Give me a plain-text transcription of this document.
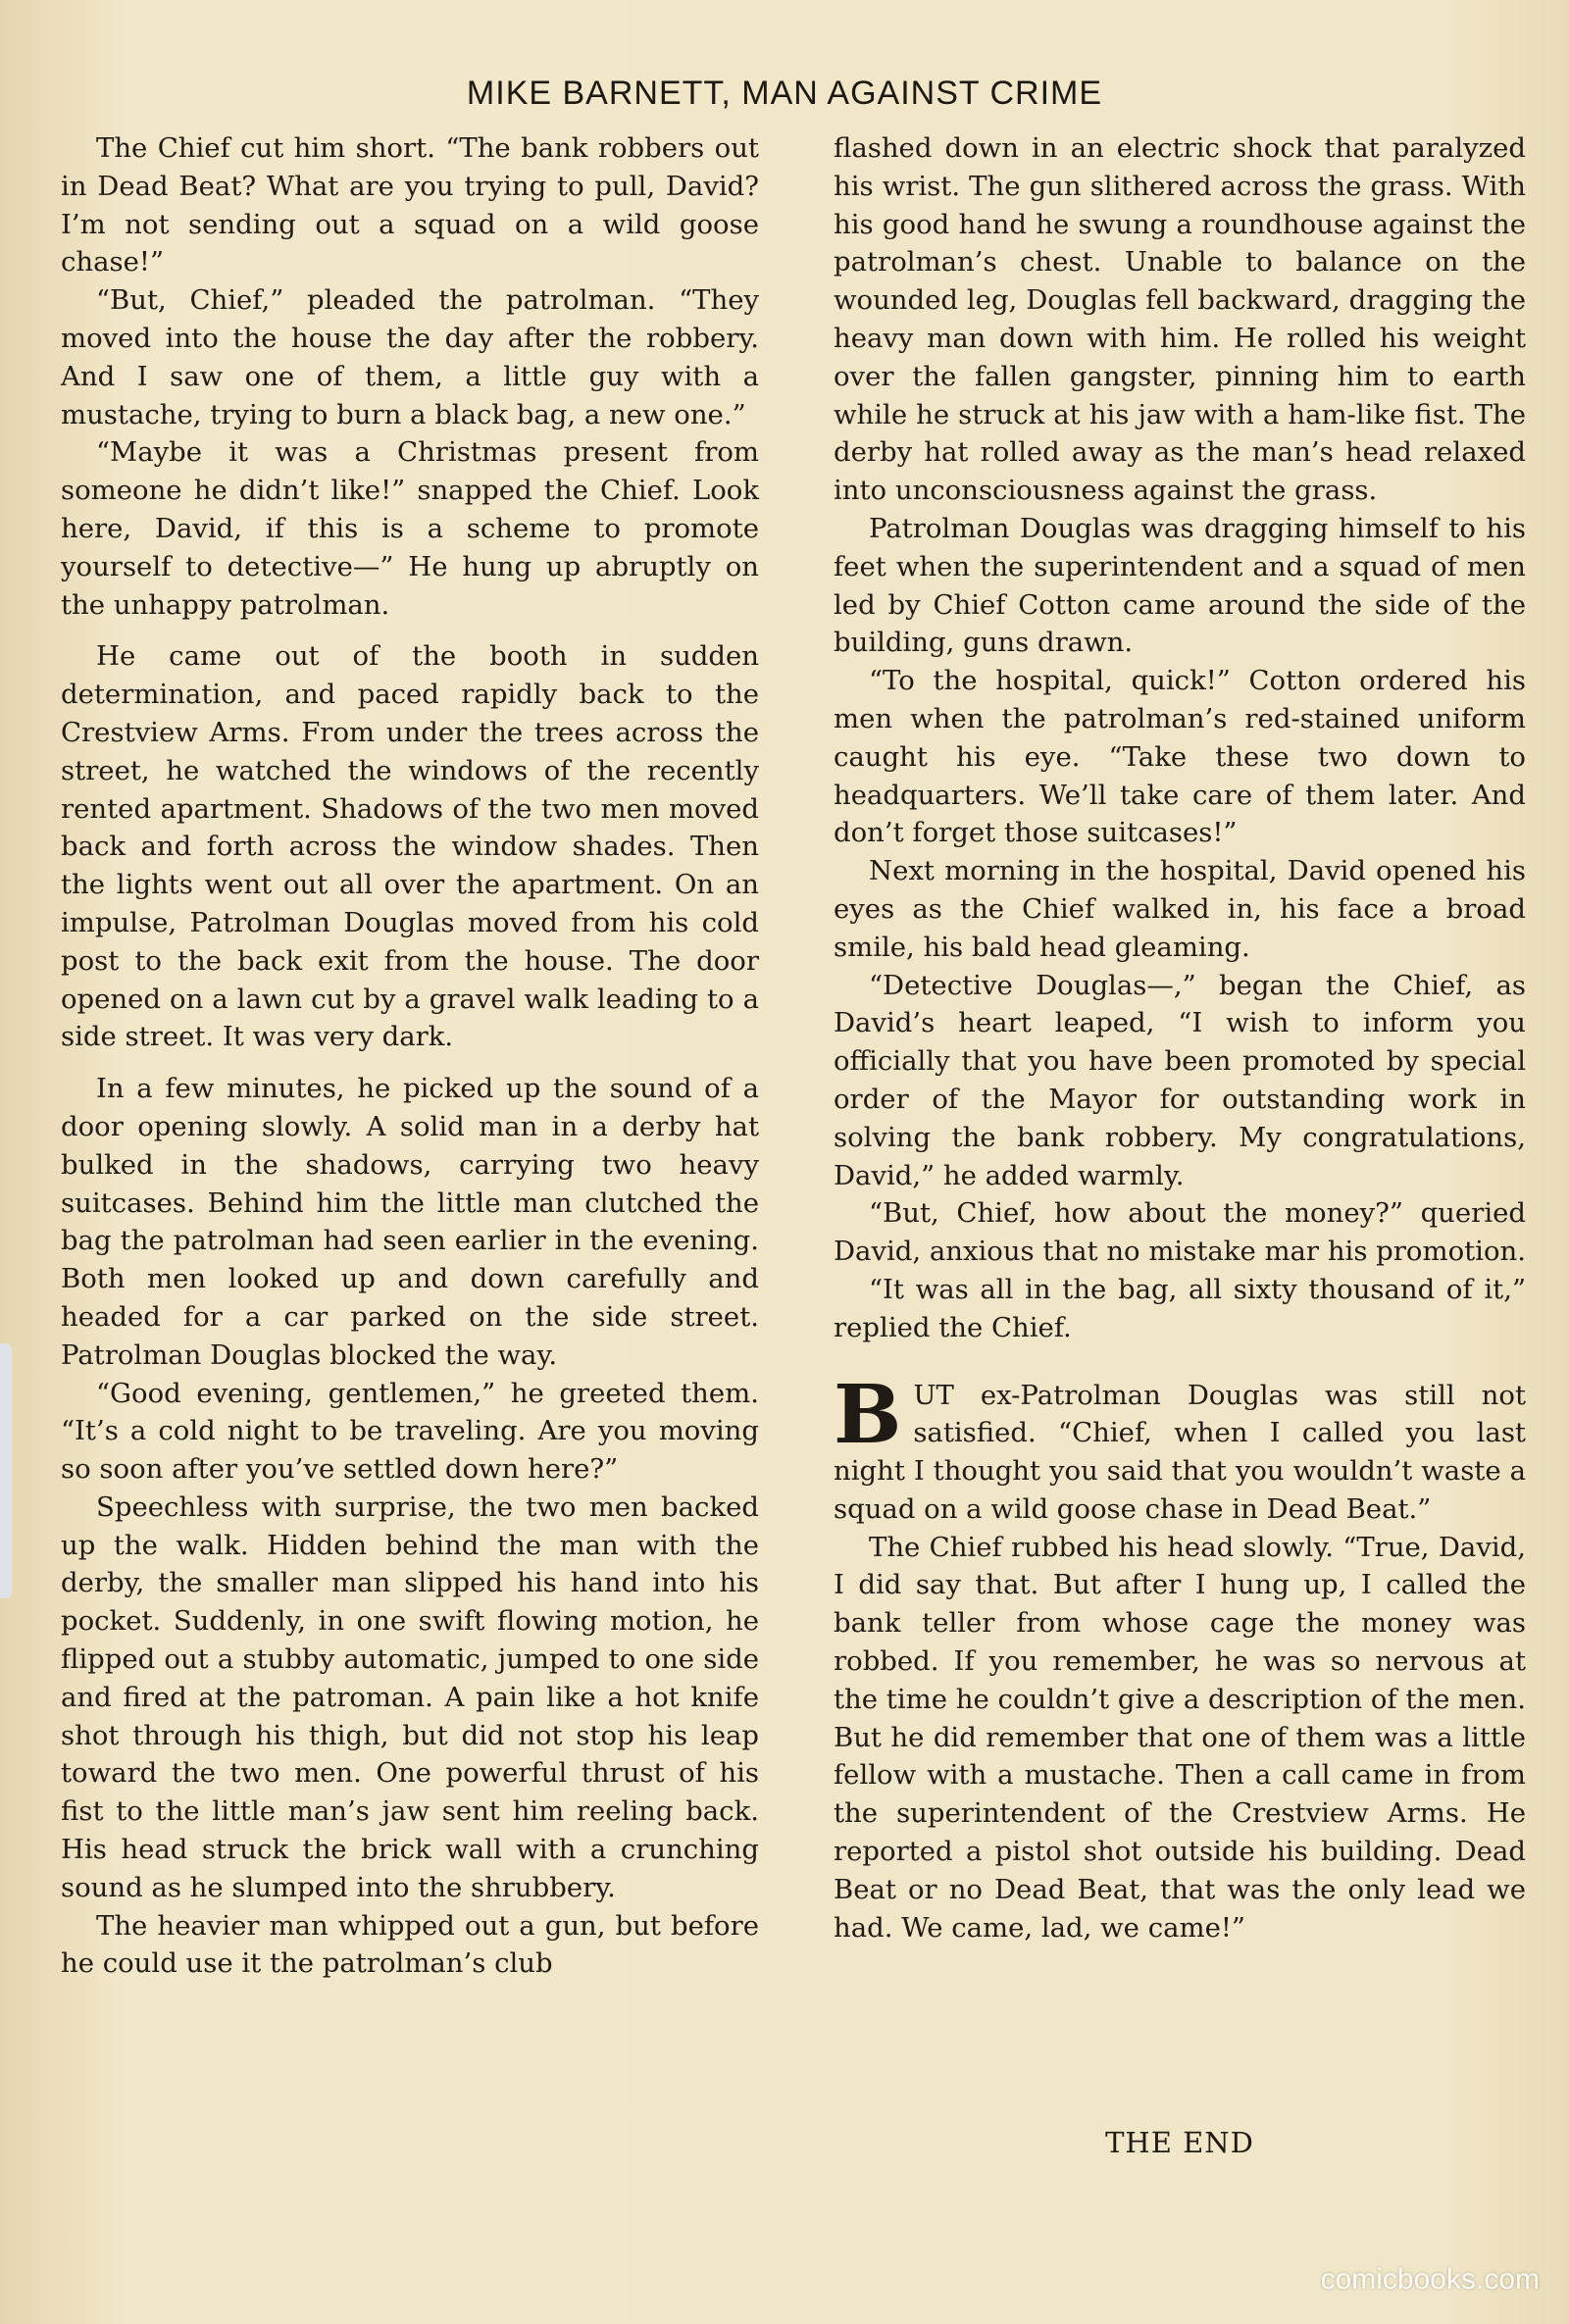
MIKE BARNETT, MAN AGAINST CRIME

The Chief cut him short. “The bank robbers out in Dead Beat? What are you trying to pull, David? I’m not sending out a squad on a wild goose chase!”

“But, Chief,” pleaded the patrolman. “They moved into the house the day after the robbery. And I saw one of them, a little guy with a mustache, trying to burn a black bag, a new one.”

“Maybe it was a Christmas present from someone he didn’t like!” snapped the Chief. Look here, David, if this is a scheme to promote yourself to detective—” He hung up abruptly on the unhappy patrolman.

He came out of the booth in sudden determination, and paced rapidly back to the Crestview Arms. From under the trees across the street, he watched the windows of the recently rented apartment. Shadows of the two men moved back and forth across the window shades. Then the lights went out all over the apartment. On an impulse, Patrolman Douglas moved from his cold post to the back exit from the house. The door opened on a lawn cut by a gravel walk leading to a side street. It was very dark.

In a few minutes, he picked up the sound of a door opening slowly. A solid man in a derby hat bulked in the shadows, carrying two heavy suitcases. Behind him the little man clutched the bag the patrolman had seen earlier in the evening. Both men looked up and down carefully and headed for a car parked on the side street. Patrolman Douglas blocked the way.

“Good evening, gentlemen,” he greeted them. “It’s a cold night to be traveling. Are you moving so soon after you’ve settled down here?”

Speechless with surprise, the two men backed up the walk. Hidden behind the man with the derby, the smaller man slipped his hand into his pocket. Suddenly, in one swift flowing motion, he flipped out a stubby automatic, jumped to one side and fired at the patroman. A pain like a hot knife shot through his thigh, but did not stop his leap toward the two men. One powerful thrust of his fist to the little man’s jaw sent him reeling back. His head struck the brick wall with a crunching sound as he slumped into the shrubbery.

The heavier man whipped out a gun, but before he could use it the patrolman’s club

flashed down in an electric shock that paralyzed his wrist. The gun slithered across the grass. With his good hand he swung a roundhouse against the patrolman’s chest. Unable to balance on the wounded leg, Douglas fell backward, dragging the heavy man down with him. He rolled his weight over the fallen gangster, pinning him to earth while he struck at his jaw with a ham-like fist. The derby hat rolled away as the man’s head relaxed into unconsciousness against the grass.

Patrolman Douglas was dragging himself to his feet when the superintendent and a squad of men led by Chief Cotton came around the side of the building, guns drawn.

“To the hospital, quick!” Cotton ordered his men when the patrolman’s red-stained uniform caught his eye. “Take these two down to headquarters. We’ll take care of them later. And don’t forget those suitcases!”

Next morning in the hospital, David opened his eyes as the Chief walked in, his face a broad smile, his bald head gleaming.

“Detective Douglas—,” began the Chief, as David’s heart leaped, “I wish to inform you officially that you have been promoted by special order of the Mayor for outstanding work in solving the bank robbery. My congratulations, David,” he added warmly.

“But, Chief, how about the money?” queried David, anxious that no mistake mar his promotion.

“It was all in the bag, all sixty thousand of it,” replied the Chief.

BUT ex-Patrolman Douglas was still not satisfied. “Chief, when I called you last night I thought you said that you wouldn’t waste a squad on a wild goose chase in Dead Beat.”

The Chief rubbed his head slowly. “True, David, I did say that. But after I hung up, I called the bank teller from whose cage the money was robbed. If you remember, he was so nervous at the time he couldn’t give a description of the men. But he did remember that one of them was a little fellow with a mustache. Then a call came in from the superintendent of the Crestview Arms. He reported a pistol shot outside his building. Dead Beat or no Dead Beat, that was the only lead we had. We came, lad, we came!”

THE END
comicbooks.com
